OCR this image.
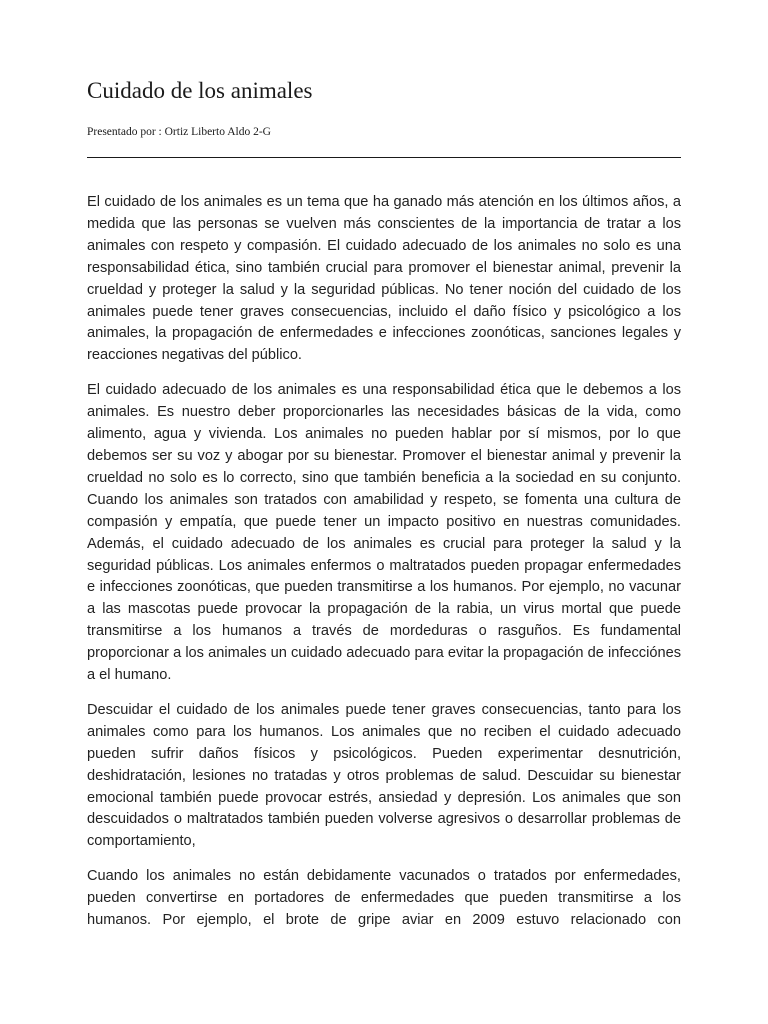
Cuidado de los animales
Presentado por : Ortiz Liberto Aldo 2-G

El cuidado de los animales es un tema que ha ganado más atención en los últimos años, a medida que las personas se vuelven más conscientes de la importancia de tratar a los animales con respeto y compasión. El cuidado adecuado de los animales no solo es una responsabilidad ética, sino también crucial para promover el bienestar animal, prevenir la crueldad y proteger la salud y la seguridad públicas. No tener noción del cuidado de los animales puede tener graves consecuencias, incluido el daño físico y psicológico a los animales, la propagación de enfermedades e infecciones zoonóticas, sanciones legales y reacciones negativas del público.

El cuidado adecuado de los animales es una responsabilidad ética que le debemos a los animales. Es nuestro deber proporcionarles las necesidades básicas de la vida, como alimento, agua y vivienda. Los animales no pueden hablar por sí mismos, por lo que debemos ser su voz y abogar por su bienestar. Promover el bienestar animal y prevenir la crueldad no solo es lo correcto, sino que también beneficia a la sociedad en su conjunto. Cuando los animales son tratados con amabilidad y respeto, se fomenta una cultura de compasión y empatía, que puede tener un impacto positivo en nuestras comunidades. Además, el cuidado adecuado de los animales es crucial para proteger la salud y la seguridad públicas. Los animales enfermos o maltratados pueden propagar enfermedades e infecciones zoonóticas, que pueden transmitirse a los humanos. Por ejemplo, no vacunar a las mascotas puede provocar la propagación de la rabia, un virus mortal que puede transmitirse a los humanos a través de mordeduras o rasguños. Es fundamental proporcionar a los animales un cuidado adecuado para evitar la propagación de infecciónes a el humano.

Descuidar el cuidado de los animales puede tener graves consecuencias, tanto para los animales como para los humanos. Los animales que no reciben el cuidado adecuado pueden sufrir daños físicos y psicológicos. Pueden experimentar desnutrición, deshidratación, lesiones no tratadas y otros problemas de salud. Descuidar su bienestar emocional también puede provocar estrés, ansiedad y depresión. Los animales que son descuidados o maltratados también pueden volverse agresivos o desarrollar problemas de comportamiento,

Cuando los animales no están debidamente vacunados o tratados por enfermedades, pueden convertirse en portadores de enfermedades que pueden transmitirse a los humanos. Por ejemplo, el brote de gripe aviar en 2009 estuvo relacionado con
